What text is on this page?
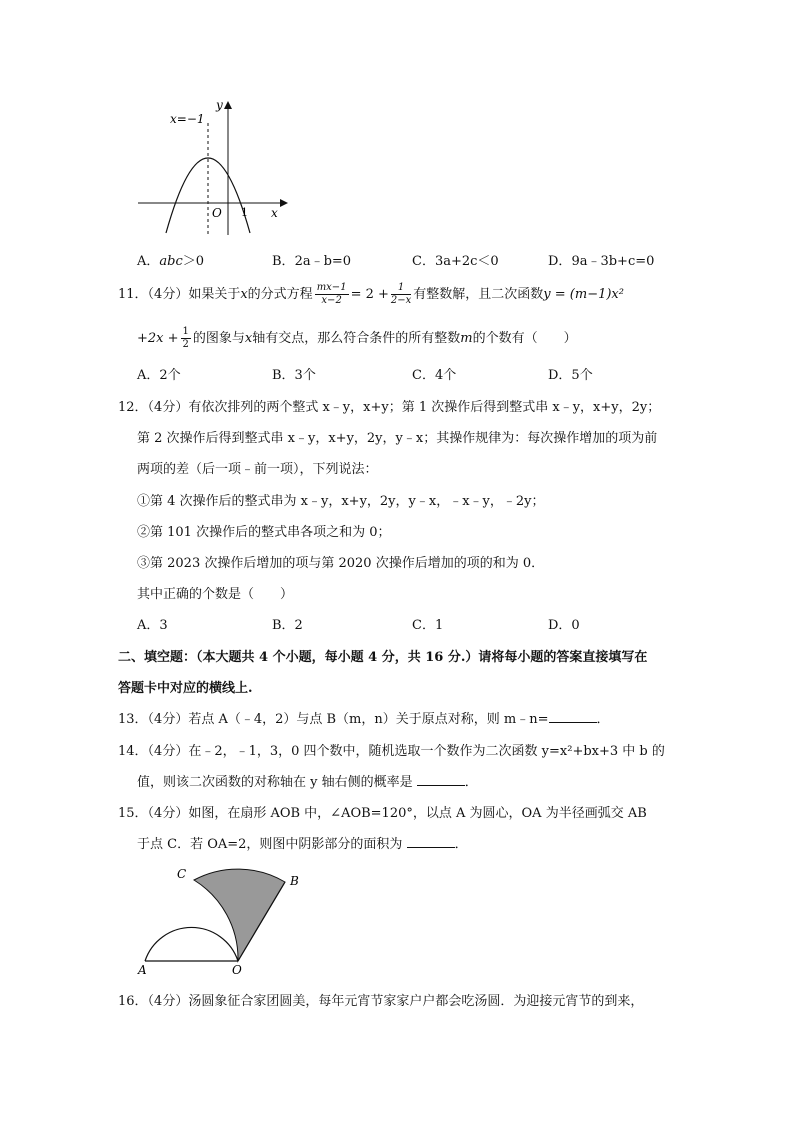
x=−1
y
x
O 1
A．abc＞0	B．2a﹣b=0	C．3a+2c＜0	D．9a﹣3b+c=0
11．（4分）如果关于x的分式方程 $\frac{mx-1}{x-2} = 2 + \frac{1}{2-x}$ 有整数解，且二次函数y = (m−1)x²
$+2x + \frac{1}{2}$ 的图象与x轴有交点，那么符合条件的所有整数m的个数有（　　）
A．2个	B．3个	C．4个	D．5个
12．（4分）有依次排列的两个整式 x﹣y，x+y；第 1 次操作后得到整式串 x﹣y，x+y，2y；
第 2 次操作后得到整式串 x﹣y，x+y，2y，y﹣x；其操作规律为：每次操作增加的项为前
两项的差（后一项﹣前一项），下列说法：
①第 4 次操作后的整式串为 x﹣y，x+y，2y，y﹣x，﹣x﹣y，﹣2y；
②第 101 次操作后的整式串各项之和为 0；
③第 2023 次操作后增加的项与第 2020 次操作后增加的项的和为 0．
其中正确的个数是（　　）
A．3	B．2	C．1	D．0
二、填空题：（本大题共 4 个小题，每小题 4 分，共 16 分.）请将每小题的答案直接填写在
答题卡中对应的横线上.
13．（4分）若点 A（﹣4，2）与点 B（m，n）关于原点对称，则 m﹣n=	．
14．（4分）在﹣2，﹣1，3，0 四个数中，随机选取一个数作为二次函数 y=x²+bx+3 中 b 的
值，则该二次函数的对称轴在 y 轴右侧的概率是	．
15．（4分）如图，在扇形 AOB 中，∠AOB=120°，以点 A 为圆心，OA 为半径画弧交 AB
于点 C．若 OA=2，则图中阴影部分的面积为	．
C	B
A	O
16．（4分）汤圆象征合家团圆美，每年元宵节家家户户都会吃汤圆．为迎接元宵节的到来，
